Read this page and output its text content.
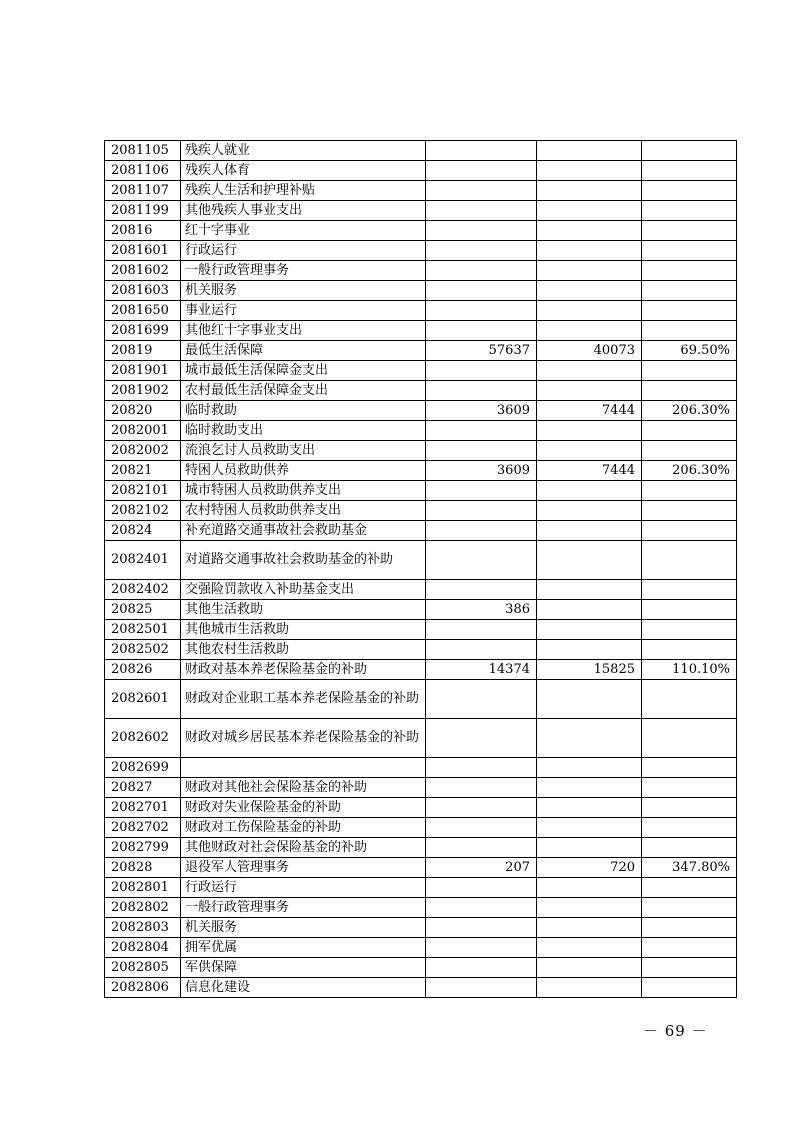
2081105	残疾人就业			
2081106	残疾人体育			
2081107	残疾人生活和护理补贴			
2081199	其他残疾人事业支出			
20816	红十字事业			
2081601	行政运行			
2081602	一般行政管理事务			
2081603	机关服务			
2081650	事业运行			
2081699	其他红十字事业支出			
20819	最低生活保障	57637	40073	69.50%
2081901	城市最低生活保障金支出			
2081902	农村最低生活保障金支出			
20820	临时救助	3609	7444	206.30%
2082001	临时救助支出			
2082002	流浪乞讨人员救助支出			
20821	特困人员救助供养	3609	7444	206.30%
2082101	城市特困人员救助供养支出			
2082102	农村特困人员救助供养支出			
20824	补充道路交通事故社会救助基金			
2082401	对道路交通事故社会救助基金的补助			
2082402	交强险罚款收入补助基金支出			
20825	其他生活救助	386		
2082501	其他城市生活救助			
2082502	其他农村生活救助			
20826	财政对基本养老保险基金的补助	14374	15825	110.10%
2082601	财政对企业职工基本养老保险基金的补助			
2082602	财政对城乡居民基本养老保险基金的补助			
2082699				
20827	财政对其他社会保险基金的补助			
2082701	财政对失业保险基金的补助			
2082702	财政对工伤保险基金的补助			
2082799	其他财政对社会保险基金的补助			
20828	退役军人管理事务	207	720	347.80%
2082801	行政运行			
2082802	一般行政管理事务			
2082803	机关服务			
2082804	拥军优属			
2082805	军供保障			
2082806	信息化建设			
－ 69 －
